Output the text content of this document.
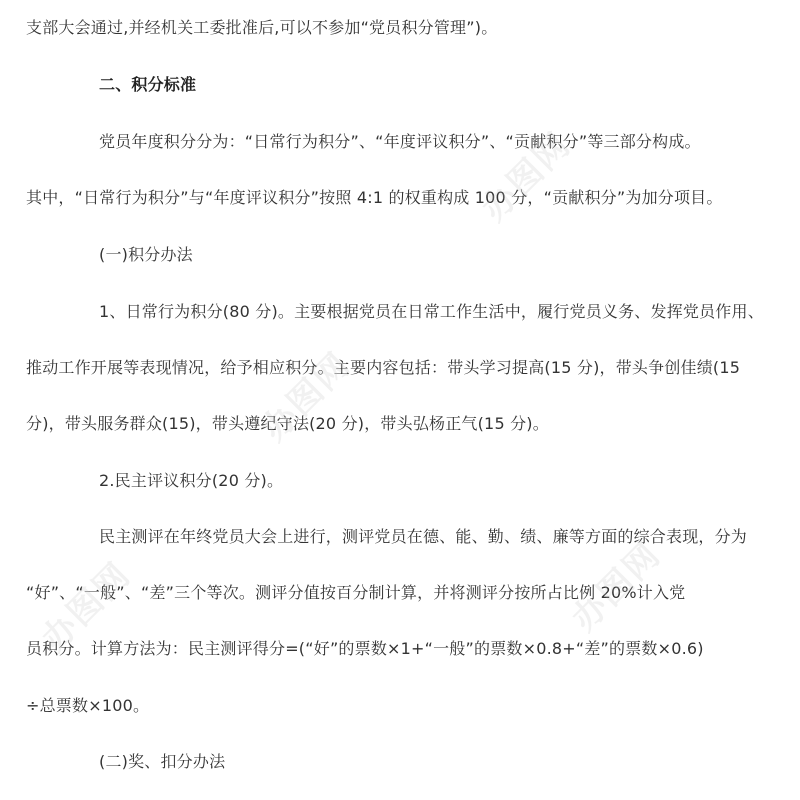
支部大会通过,并经机关工委批准后,可以不参加“党员积分管理”)。
二、积分标准
党员年度积分分为：“日常行为积分”、“年度评议积分”、“贡献积分”等三部分构成。
其中，“日常行为积分”与“年度评议积分”按照 4:1 的权重构成 100 分，“贡献积分”为加分项目。
(一)积分办法
1、日常行为积分(80 分)。主要根据党员在日常工作生活中，履行党员义务、发挥党员作用、
推动工作开展等表现情况，给予相应积分。主要内容包括：带头学习提高(15 分)，带头争创佳绩(15
分)，带头服务群众(15)，带头遵纪守法(20 分)，带头弘杨正气(15 分)。
2.民主评议积分(20 分)。
民主测评在年终党员大会上进行，测评党员在德、能、勤、绩、廉等方面的综合表现，分为
“好”、“一般”、“差”三个等次。测评分值按百分制计算，并将测评分按所占比例 20%计入党
员积分。计算方法为：民主测评得分=(“好”的票数×1+“一般”的票数×0.8+“差”的票数×0.6)
÷总票数×100。
(二)奖、扣分办法
办图网
办图网
办图网	办图网
